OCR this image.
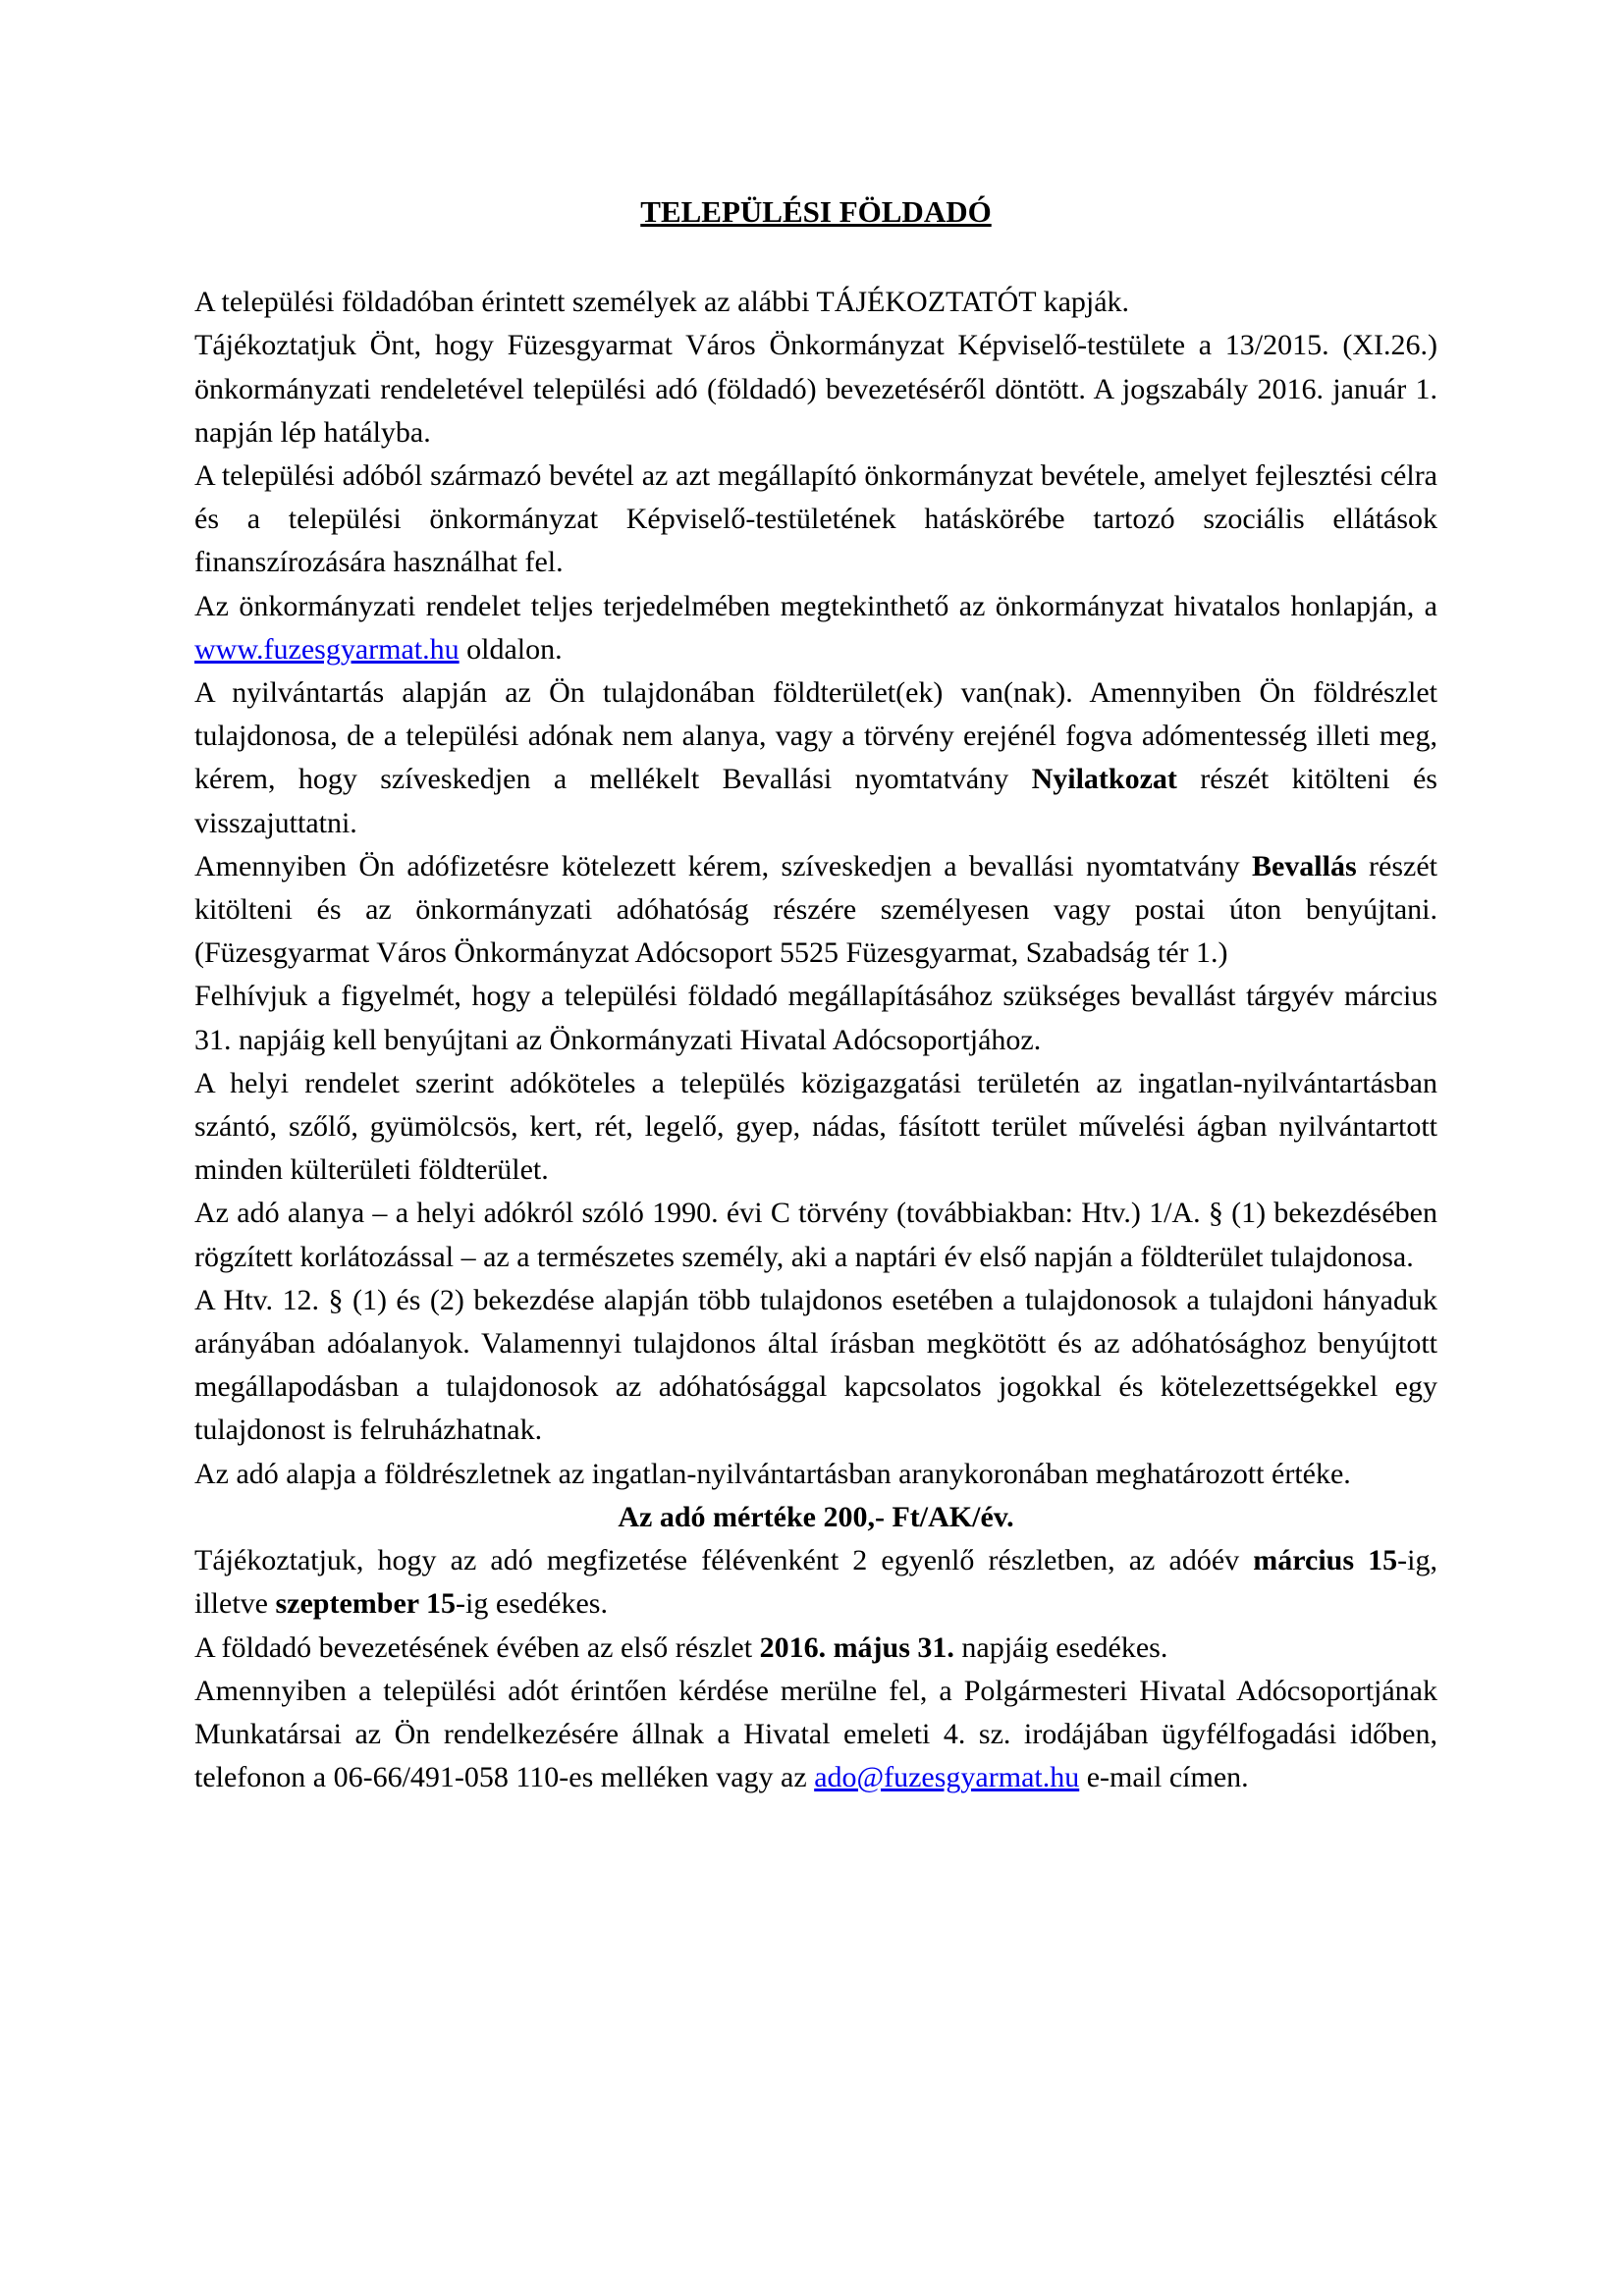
TELEPÜLÉSI FÖLDADÓ

A települési földadóban érintett személyek az alábbi TÁJÉKOZTATÓT kapják.

Tájékoztatjuk Önt, hogy Füzesgyarmat Város Önkormányzat Képviselő-testülete a 13/2015. (XI.26.) önkormányzati rendeletével települési adó (földadó) bevezetéséről döntött. A jogszabály 2016. január 1. napján lép hatályba.

A települési adóból származó bevétel az azt megállapító önkormányzat bevétele, amelyet fejlesztési célra és a települési önkormányzat Képviselő-testületének hatáskörébe tartozó szociális ellátások finanszírozására használhat fel.

Az önkormányzati rendelet teljes terjedelmében megtekinthető az önkormányzat hivatalos honlapján, a www.fuzesgyarmat.hu oldalon.

A nyilvántartás alapján az Ön tulajdonában földterület(ek) van(nak). Amennyiben Ön földrészlet tulajdonosa, de a települési adónak nem alanya, vagy a törvény erejénél fogva adómentesség illeti meg, kérem, hogy szíveskedjen a mellékelt Bevallási nyomtatvány Nyilatkozat részét kitölteni és visszajuttatni.

Amennyiben Ön adófizetésre kötelezett kérem, szíveskedjen a bevallási nyomtatvány Bevallás részét kitölteni és az önkormányzati adóhatóság részére személyesen vagy postai úton benyújtani. (Füzesgyarmat Város Önkormányzat Adócsoport 5525 Füzesgyarmat, Szabadság tér 1.)

Felhívjuk a figyelmét, hogy a települési földadó megállapításához szükséges bevallást tárgyév március 31. napjáig kell benyújtani az Önkormányzati Hivatal Adócsoportjához.

A helyi rendelet szerint adóköteles a település közigazgatási területén az ingatlan-nyilvántartásban szántó, szőlő, gyümölcsös, kert, rét, legelő, gyep, nádas, fásított terület művelési ágban nyilvántartott minden külterületi földterület.

Az adó alanya – a helyi adókról szóló 1990. évi C törvény (továbbiakban: Htv.) 1/A. § (1) bekezdésében rögzített korlátozással – az a természetes személy, aki a naptári év első napján a földterület tulajdonosa.

A Htv. 12. § (1) és (2) bekezdése alapján több tulajdonos esetében a tulajdonosok a tulajdoni hányaduk arányában adóalanyok. Valamennyi tulajdonos által írásban megkötött és az adóhatósághoz benyújtott megállapodásban a tulajdonosok az adóhatósággal kapcsolatos jogokkal és kötelezettségekkel egy tulajdonost is felruházhatnak.

Az adó alapja a földrészletnek az ingatlan-nyilvántartásban aranykoronában meghatározott értéke.

Az adó mértéke 200,- Ft/AK/év.

Tájékoztatjuk, hogy az adó megfizetése félévenként 2 egyenlő részletben, az adóév március 15-ig, illetve szeptember 15-ig esedékes.

A földadó bevezetésének évében az első részlet 2016. május 31. napjáig esedékes.

Amennyiben a települési adót érintően kérdése merülne fel, a Polgármesteri Hivatal Adócsoportjának Munkatársai az Ön rendelkezésére állnak a Hivatal emeleti 4. sz. irodájában ügyfélfogadási időben, telefonon a 06-66/491-058 110-es melléken vagy az ado@fuzesgyarmat.hu e-mail címen.
